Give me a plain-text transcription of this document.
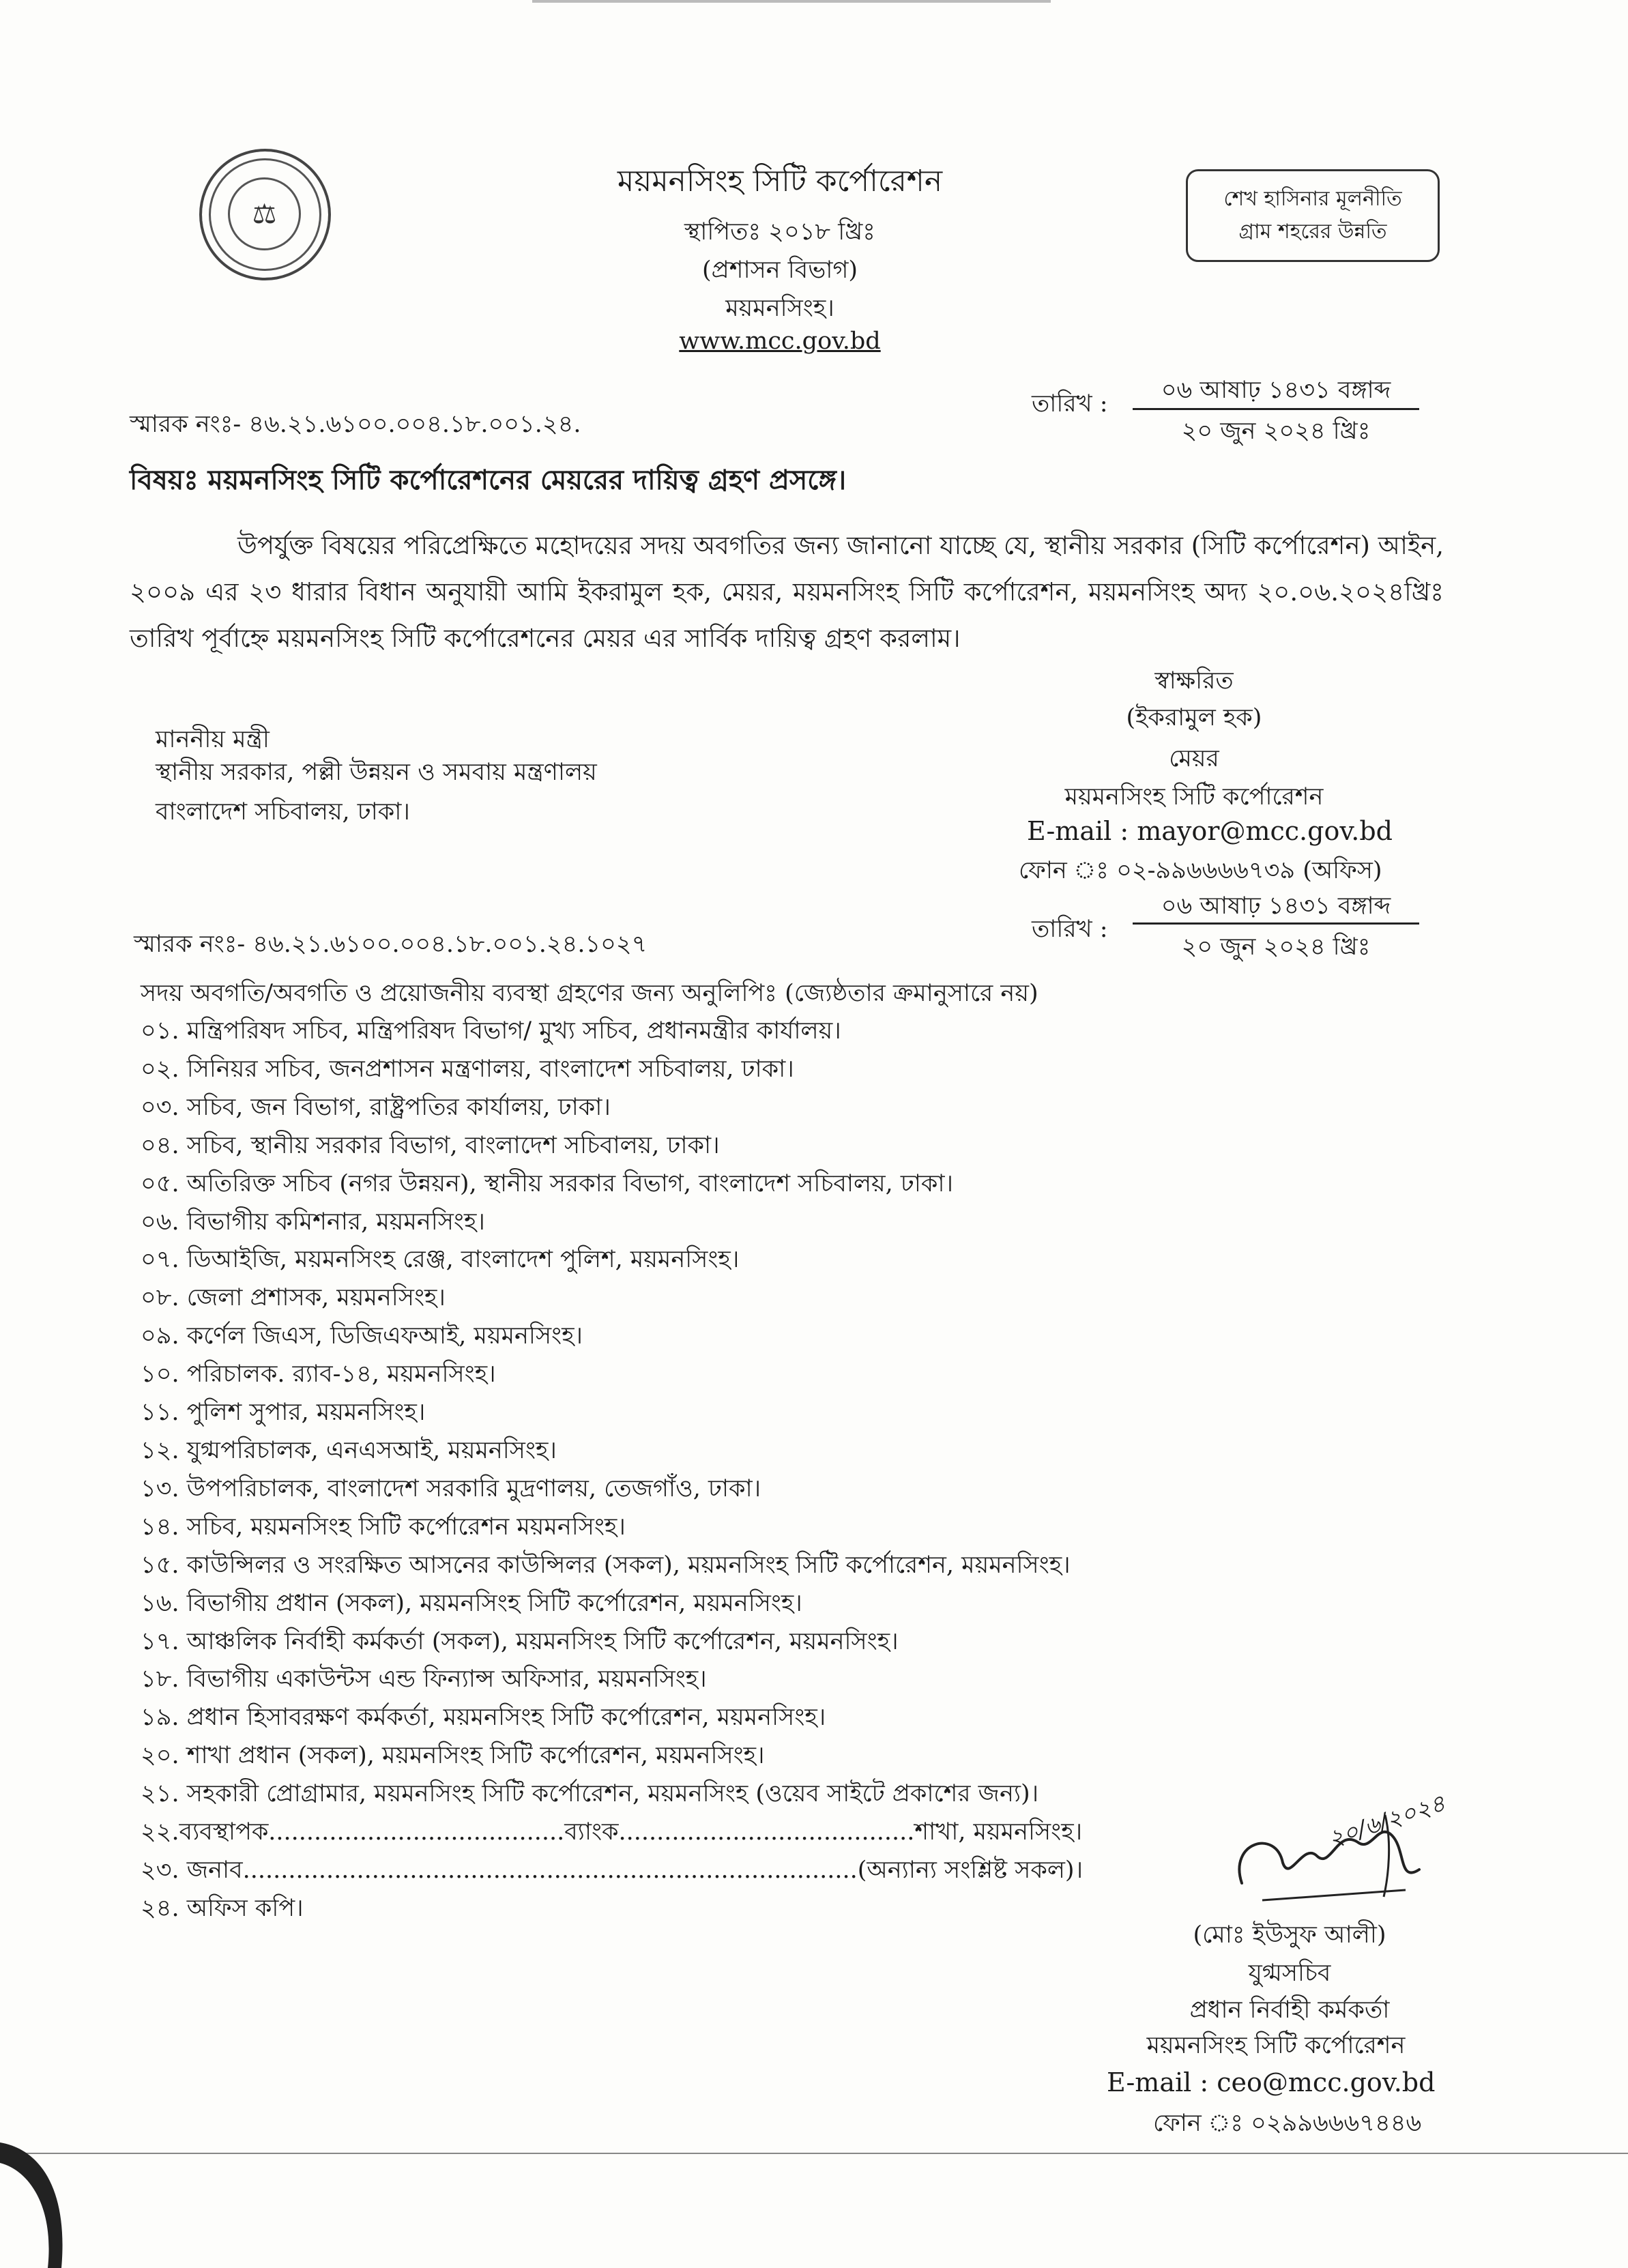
⚖
ময়মনসিংহ সিটি কর্পোরেশন
স্থাপিতঃ ২০১৮ খ্রিঃ
(প্রশাসন বিভাগ)
ময়মনসিংহ।
www.mcc.gov.bd
শেখ হাসিনার মূলনীতি
গ্রাম শহরের উন্নতি
স্মারক নংঃ- ৪৬.২১.৬১০০.০০৪.১৮.০০১.২৪.
তারিখ :	০৬ আষাঢ় ১৪৩১ বঙ্গাব্দ
২০ জুন ২০২৪ খ্রিঃ
বিষয়ঃ ময়মনসিংহ সিটি কর্পোরেশনের মেয়রের দায়িত্ব গ্রহণ প্রসঙ্গে।
উপর্যুক্ত বিষয়ের পরিপ্রেক্ষিতে মহোদয়ের সদয় অবগতির জন্য জানানো যাচ্ছে যে, স্থানীয় সরকার (সিটি কর্পোরেশন) আইন, ২০০৯ এর ২৩ ধারার বিধান অনুযায়ী আমি ইকরামুল হক, মেয়র, ময়মনসিংহ সিটি কর্পোরেশন, ময়মনসিংহ অদ্য ২০.০৬.২০২৪খ্রিঃ তারিখ পূর্বাহ্নে ময়মনসিংহ সিটি কর্পোরেশনের মেয়র এর সার্বিক দায়িত্ব গ্রহণ করলাম।
স্বাক্ষরিত
(ইকরামুল হক)
মেয়র
ময়মনসিংহ সিটি কর্পোরেশন
E-mail : mayor@mcc.gov.bd
ফোন ঃ ০২-৯৯৬৬৬৬৭৩৯ (অফিস)
মাননীয় মন্ত্রী
স্থানীয় সরকার, পল্লী উন্নয়ন ও সমবায় মন্ত্রণালয়
বাংলাদেশ সচিবালয়, ঢাকা।
স্মারক নংঃ- ৪৬.২১.৬১০০.০০৪.১৮.০০১.২৪.১০২৭
তারিখ :
০৬ আষাঢ় ১৪৩১ বঙ্গাব্দ
২০ জুন ২০২৪ খ্রিঃ
সদয় অবগতি/অবগতি ও প্রয়োজনীয় ব্যবস্থা গ্রহণের জন্য অনুলিপিঃ (জ্যেষ্ঠতার ক্রমানুসারে নয়)
০১. মন্ত্রিপরিষদ সচিব, মন্ত্রিপরিষদ বিভাগ/ মুখ্য সচিব, প্রধানমন্ত্রীর কার্যালয়।
০২. সিনিয়র সচিব, জনপ্রশাসন মন্ত্রণালয়, বাংলাদেশ সচিবালয়, ঢাকা।
০৩. সচিব, জন বিভাগ, রাষ্ট্রপতির কার্যালয়, ঢাকা।
০৪. সচিব, স্থানীয় সরকার বিভাগ, বাংলাদেশ সচিবালয়, ঢাকা।
০৫. অতিরিক্ত সচিব (নগর উন্নয়ন), স্থানীয় সরকার বিভাগ, বাংলাদেশ সচিবালয়, ঢাকা।
০৬. বিভাগীয় কমিশনার, ময়মনসিংহ।
০৭. ডিআইজি, ময়মনসিংহ রেঞ্জ, বাংলাদেশ পুলিশ, ময়মনসিংহ।
০৮. জেলা প্রশাসক, ময়মনসিংহ।
০৯. কর্ণেল জিএস, ডিজিএফআই, ময়মনসিংহ।
১০. পরিচালক. র‌্যাব-১৪, ময়মনসিংহ।
১১. পুলিশ সুপার, ময়মনসিংহ।
১২. যুগ্মপরিচালক, এনএসআই, ময়মনসিংহ।
১৩. উপপরিচালক, বাংলাদেশ সরকারি মুদ্রণালয়, তেজগাঁও, ঢাকা।
১৪. সচিব, ময়মনসিংহ সিটি কর্পোরেশন ময়মনসিংহ।
১৫. কাউন্সিলর ও সংরক্ষিত আসনের কাউন্সিলর (সকল), ময়মনসিংহ সিটি কর্পোরেশন, ময়মনসিংহ।
১৬. বিভাগীয় প্রধান (সকল), ময়মনসিংহ সিটি কর্পোরেশন, ময়মনসিংহ।
১৭. আঞ্চলিক নির্বাহী কর্মকর্তা (সকল), ময়মনসিংহ সিটি কর্পোরেশন, ময়মনসিংহ।
১৮. বিভাগীয় একাউন্টস এন্ড ফিন্যান্স অফিসার, ময়মনসিংহ।
১৯. প্রধান হিসাবরক্ষণ কর্মকর্তা, ময়মনসিংহ সিটি কর্পোরেশন, ময়মনসিংহ।
২০. শাখা প্রধান (সকল), ময়মনসিংহ সিটি কর্পোরেশন, ময়মনসিংহ।
২১. সহকারী প্রোগ্রামার, ময়মনসিংহ সিটি কর্পোরেশন, ময়মনসিংহ (ওয়েব সাইটে প্রকাশের জন্য)।
২২.ব্যবস্থাপক.......................................ব্যাংক.......................................শাখা, ময়মনসিংহ।
২৩. জনাব.................................................................................(অন্যান্য সংশ্লিষ্ট সকল)।
২৪. অফিস কপি।
২০/৬/২০২৪
(মোঃ ইউসুফ আলী)
যুগ্মসচিব
প্রধান নির্বাহী কর্মকর্তা
ময়মনসিংহ সিটি কর্পোরেশন
E-mail : ceo@mcc.gov.bd
ফোন ঃ ০২৯৯৬৬৬৭৪৪৬
